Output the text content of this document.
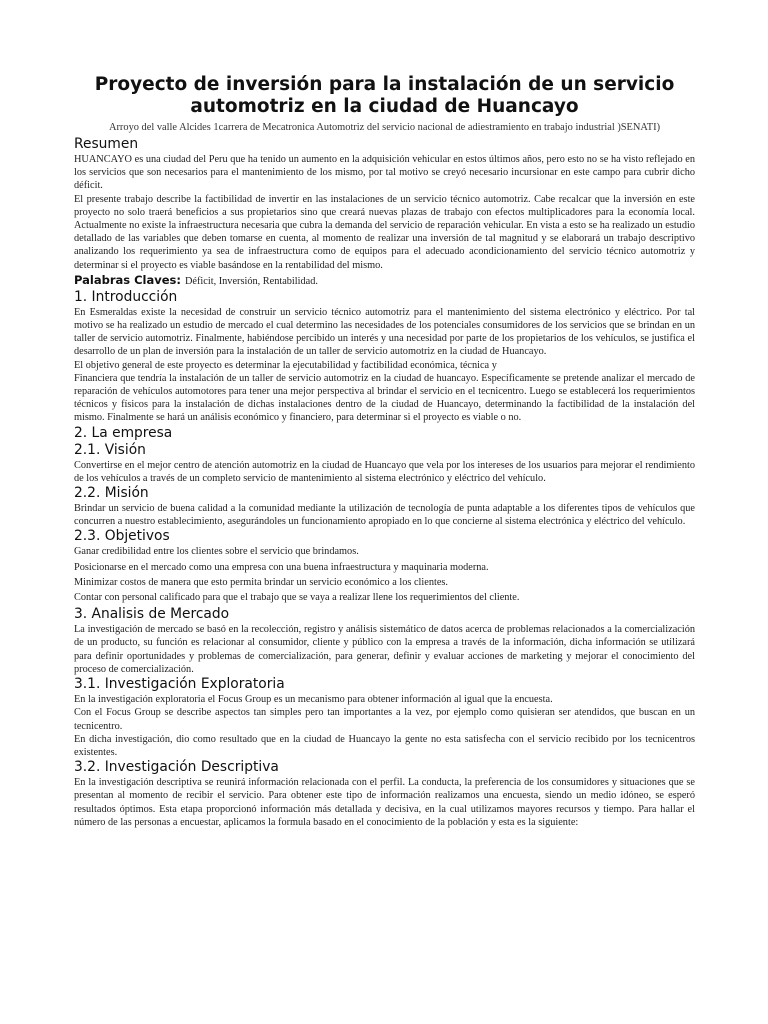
Proyecto de inversión para la instalación de un servicio automotriz en la ciudad de Huancayo
Arroyo del valle Alcides 1carrera de Mecatronica Automotriz del servicio nacional de adiestramiento en trabajo industrial )SENATI)
Resumen

HUANCAYO es una ciudad del Peru que ha tenido un aumento en la adquisición vehicular en estos últimos años, pero esto no se ha visto reflejado en los servicios que son necesarios para el mantenimiento de los mismo, por tal motivo se creyó necesario incursionar en este campo para cubrir dicho déficit.

El presente trabajo describe la factibilidad de invertir en las instalaciones de un servicio técnico automotriz. Cabe recalcar que la inversión en este proyecto no solo traerá beneficios a sus propietarios sino que creará nuevas plazas de trabajo con efectos multiplicadores para la economía local. Actualmente no existe la infraestructura necesaria que cubra la demanda del servicio de reparación vehicular. En vista a esto se ha realizado un estudio detallado de las variables que deben tomarse en cuenta, al momento de realizar una inversión de tal magnitud y se elaborará un trabajo descriptivo analizando los requerimiento ya sea de infraestructura como de equipos para el adecuado acondicionamiento del servicio técnico automotriz y determinar si el proyecto es viable basándose en la rentabilidad del mismo.

Palabras Claves: Déficit, Inversión, Rentabilidad.

1. Introducción

En Esmeraldas existe la necesidad de construir un servicio técnico automotriz para el mantenimiento del sistema electrónico y eléctrico. Por tal motivo se ha realizado un estudio de mercado el cual determino las necesidades de los potenciales consumidores de los servicios que se brindan en un taller de servicio automotriz. Finalmente, habiéndose percibido un interés y una necesidad por parte de los propietarios de los vehículos, se justifica el desarrollo de un plan de inversión para la instalación de un taller de servicio automotriz en la ciudad de Huancayo.

El objetivo general de este proyecto es determinar la ejecutabilidad y factibilidad económica, técnica y

Financiera que tendría la instalación de un taller de servicio automotriz en la ciudad de huancayo. Específicamente se pretende analizar el mercado de reparación de vehículos automotores para tener una mejor perspectiva al brindar el servicio en el tecnicentro. Luego se establecerá los requerimientos técnicos y físicos para la instalación de dichas instalaciones dentro de la ciudad de Huancayo, determinando la factibilidad de la instalación del mismo. Finalmente se hará un análisis económico y financiero, para determinar si el proyecto es viable o no.

2. La empresa
2.1. Visión

Convertirse en el mejor centro de atención automotriz en la ciudad de Huancayo que vela por los intereses de los usuarios para mejorar el rendimiento de los vehículos a través de un completo servicio de mantenimiento al sistema electrónico y eléctrico del vehículo.

2.2. Misión

Brindar un servicio de buena calidad a la comunidad mediante la utilización de tecnología de punta adaptable a los diferentes tipos de vehículos que concurren a nuestro establecimiento, asegurándoles un funcionamiento apropiado en lo que concierne al sistema electrónica y eléctrico del vehículo.

2.3. Objetivos

Ganar credibilidad entre los clientes sobre el servicio que brindamos.

Posicionarse en el mercado como una empresa con una buena infraestructura y maquinaria moderna.

Minimizar costos de manera que esto permita brindar un servicio económico a los clientes.

Contar con personal calificado para que el trabajo que se vaya a realizar llene los requerimientos del cliente.

3. Analisis de Mercado

La investigación de mercado se basó en la recolección, registro y análisis sistemático de datos acerca de problemas relacionados a la comercialización de un producto, su función es relacionar al consumidor, cliente y público con la empresa a través de la información, dicha información se utilizará para definir oportunidades y problemas de comercialización, para generar, definir y evaluar acciones de marketing y mejorar el conocimiento del proceso de comercialización.

3.1. Investigación Exploratoria

En la investigación exploratoria el Focus Group es un mecanismo para obtener información al igual que la encuesta.

Con el Focus Group se describe aspectos tan simples pero tan importantes a la vez, por ejemplo como quisieran ser atendidos, que buscan en un tecnicentro.

En dicha investigación, dio como resultado que en la ciudad de Huancayo la gente no esta satisfecha con el servicio recibido por los tecnicentros existentes.

3.2. Investigación Descriptiva

En la investigación descriptiva se reunirá información relacionada con el perfil. La conducta, la preferencia de los consumidores y situaciones que se presentan al momento de recibir el servicio. Para obtener este tipo de información realizamos una encuesta, siendo un medio idóneo, se esperó resultados óptimos. Esta etapa proporcionó información más detallada y decisiva, en la cual utilizamos mayores recursos y tiempo. Para hallar el número de las personas a encuestar, aplicamos la formula basado en el conocimiento de la población y esta es la siguiente:
